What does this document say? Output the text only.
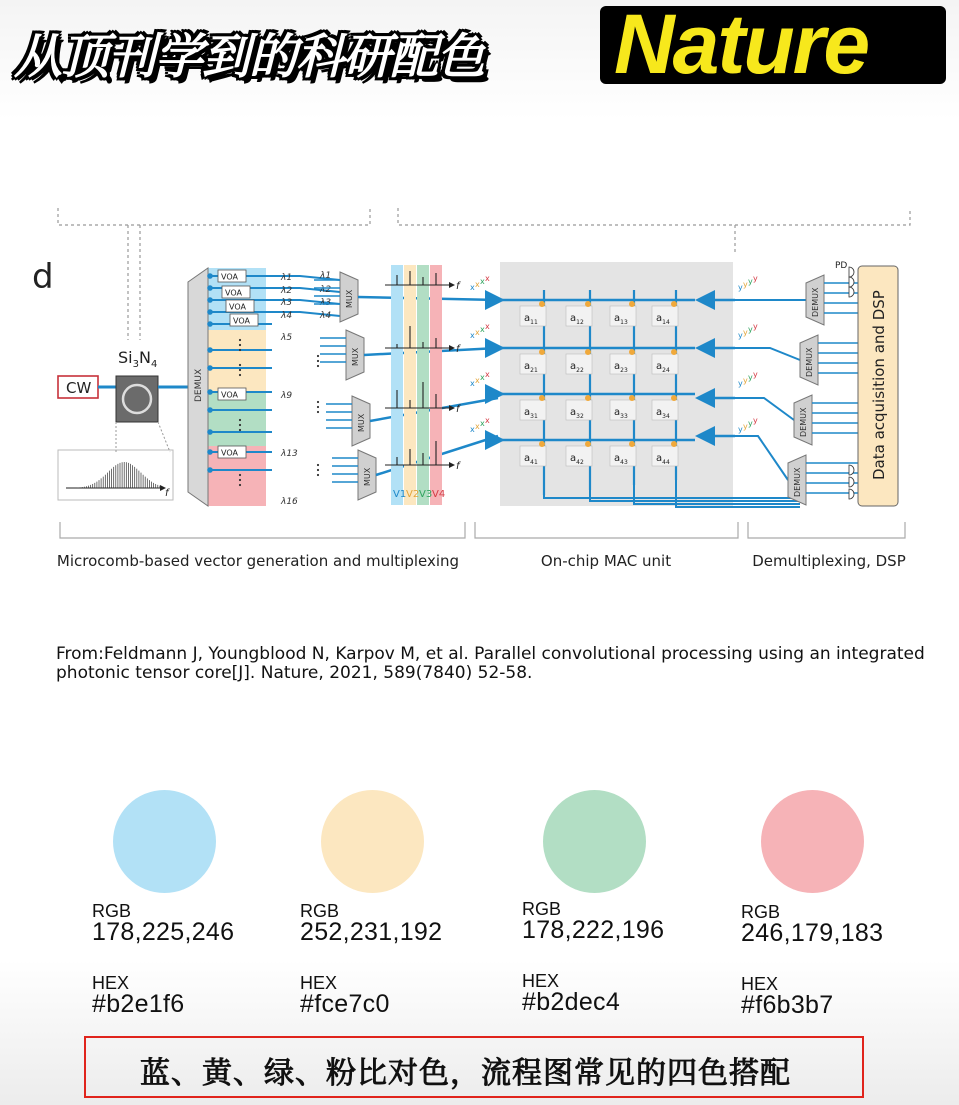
从顶刊学到的科研配色 Nature
d
CW
$Si_3N_4$
f
DEMUX
VOA
VOA
VOA
VOA
VOA
VOA
λ1
λ2
λ3
λ4
λ5
λ9
λ13
λ16
λ1
λ2
λ3
λ4
MUX
MUX
MUX
MUX
f
f
f
f
V1 V2 V3 V4
$a_{11}$	$a_{12}$	$a_{13}$	$a_{14}$
$a_{21}$	$a_{22}$	$a_{23}$	$a_{24}$
$a_{31}$	$a_{32}$	$a_{33}$	$a_{34}$
$a_{41}$	$a_{42}$	$a_{43}$	$a_{44}$
x x x x
x x x x
x x x x
x x x x
y y y y
y y y y
y y y y
y y y y
DEMUX
DEMUX
DEMUX
DEMUX
Data acquisition and DSP
PD
Microcomb-based vector generation and multiplexing	On-chip MAC unit	Demultiplexing, DSP
From:Feldmann J, Youngblood N, Karpov M, et al. Parallel convolutional processing using an integrated photonic tensor core[J]. Nature, 2021, 589(7840) 52-58.
RGB
178,225,246
HEX
#b2e1f6
RGB
252,231,192
HEX
#fce7c0
RGB
178,222,196
HEX
#b2dec4
RGB
246,179,183
HEX
#f6b3b7
蓝、黄、绿、粉比对色，流程图常见的四色搭配
